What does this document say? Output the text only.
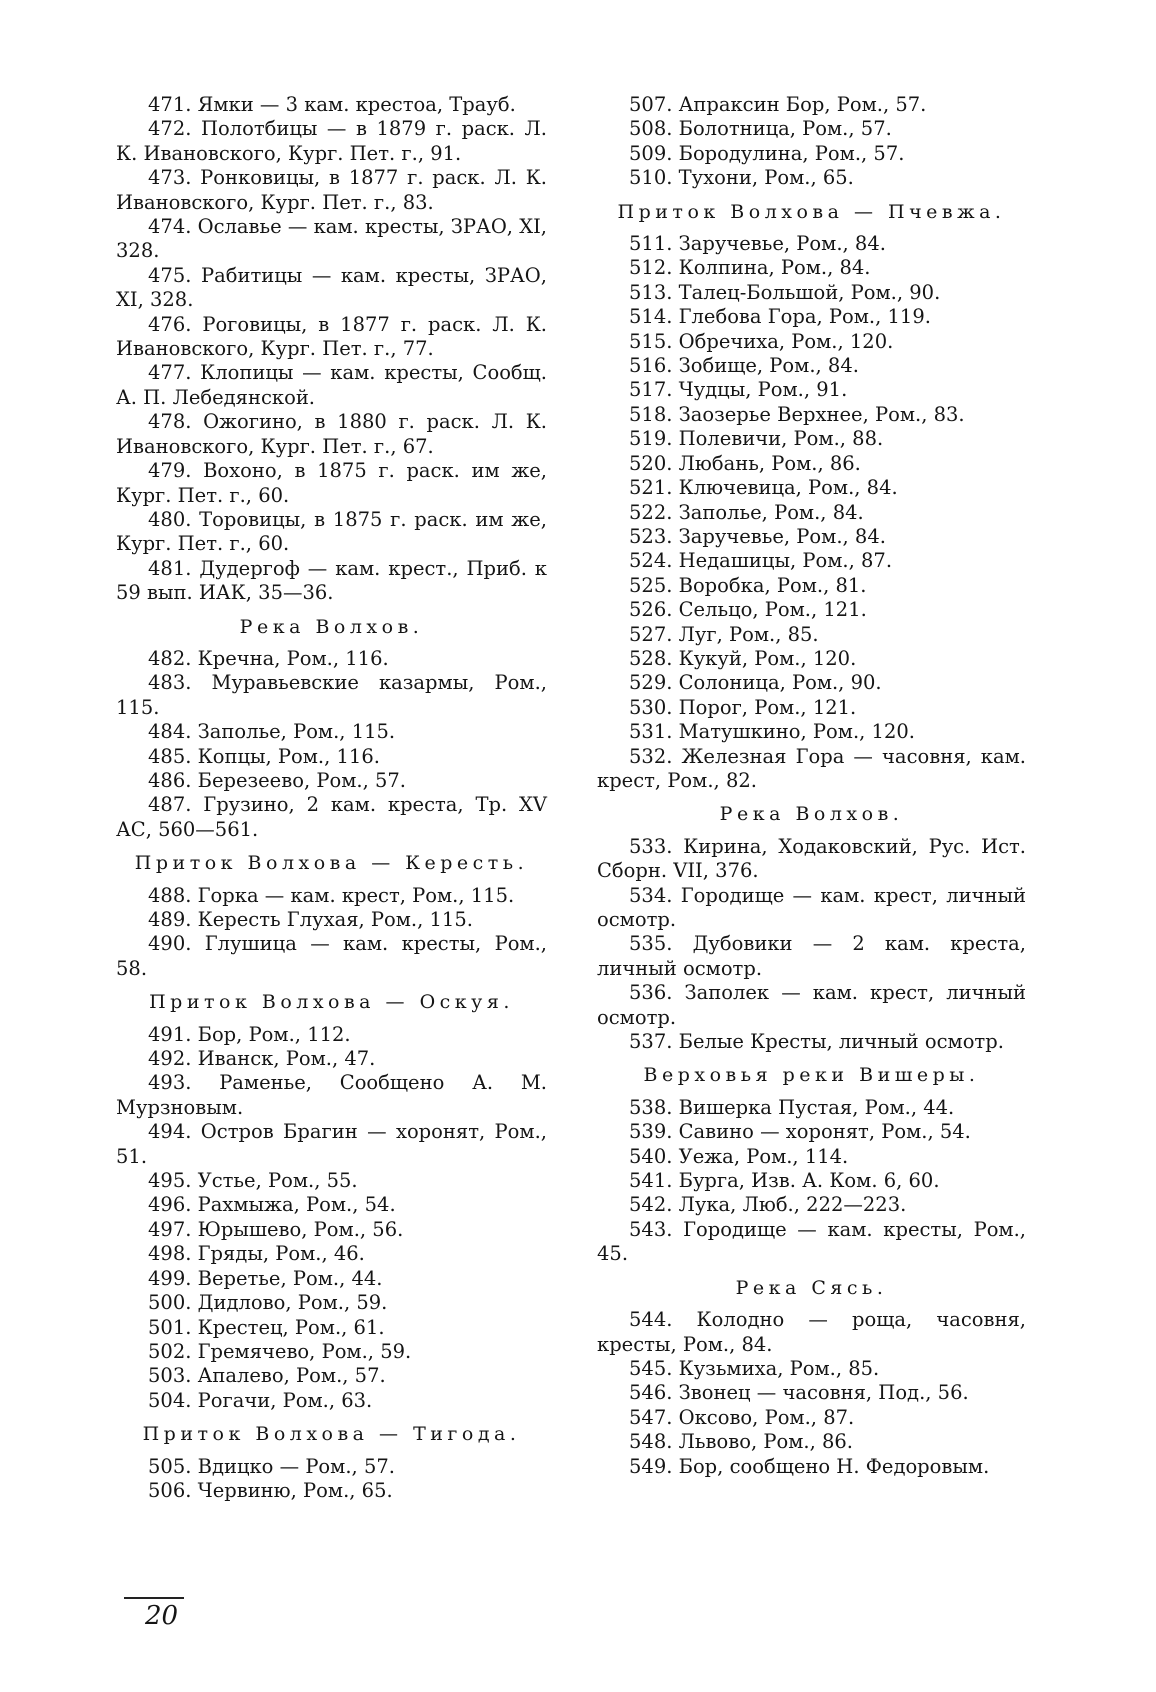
471. Ямки — 3 кам. крестоа, Трауб.

472. Полотбицы — в 1879 г. раск. Л. К. Ивановского, Кург. Пет. г., 91.

473. Ронковицы, в 1877 г. раск. Л. К. Ивановского, Кург. Пет. г., 83.

474. Ославье — кам. кресты, ЗРАО, XI, 328.

475. Рабитицы — кам. кресты, ЗРАО, XI, 328.

476. Роговицы, в 1877 г. раск. Л. К. Ивановского, Кург. Пет. г., 77.

477. Клопицы — кам. кресты, Сообщ. А. П. Лебедянской.

478. Ожогино, в 1880 г. раск. Л. К. Ивановского, Кург. Пет. г., 67.

479. Вохоно, в 1875 г. раск. им же, Кург. Пет. г., 60.

480. Торовицы, в 1875 г. раск. им же, Кург. Пет. г., 60.

481. Дудергоф — кам. крест., Приб. к 59 вып. ИАК, 35—36.

Река Волхов.

482. Кречна, Ром., 116.

483. Муравьевские казармы, Ром., 115.

484. Заполье, Ром., 115.

485. Копцы, Ром., 116.

486. Березеево, Ром., 57.

487. Грузино, 2 кам. креста, Тр. XV АС, 560—561.

Приток Волхова — Кересть.

488. Горка — кам. крест, Ром., 115.

489. Кересть Глухая, Ром., 115.

490. Глушица — кам. кресты, Ром., 58.

Приток Волхова — Оскуя.

491. Бор, Ром., 112.

492. Иванск, Ром., 47.

493. Раменье, Сообщено А. М. Мурзновым.

494. Остров Брагин — хоронят, Ром., 51.

495. Устье, Ром., 55.

496. Рахмыжа, Ром., 54.

497. Юрышево, Ром., 56.

498. Гряды, Ром., 46.

499. Веретье, Ром., 44.

500. Дидлово, Ром., 59.

501. Крестец, Ром., 61.

502. Гремячево, Ром., 59.

503. Апалево, Ром., 57.

504. Рогачи, Ром., 63.

Приток Волхова — Тигода.

505. Вдицко — Ром., 57.

506. Червиню, Ром., 65.

507. Апраксин Бор, Ром., 57.

508. Болотница, Ром., 57.

509. Бородулина, Ром., 57.

510. Тухони, Ром., 65.

Приток Волхова — Пчевжа.

511. Заручевье, Ром., 84.

512. Колпина, Ром., 84.

513. Талец-Большой, Ром., 90.

514. Глебова Гора, Ром., 119.

515. Обречиха, Ром., 120.

516. Зобище, Ром., 84.

517. Чудцы, Ром., 91.

518. Заозерье Верхнее, Ром., 83.

519. Полевичи, Ром., 88.

520. Любань, Ром., 86.

521. Ключевица, Ром., 84.

522. Заполье, Ром., 84.

523. Заручевье, Ром., 84.

524. Недашицы, Ром., 87.

525. Воробка, Ром., 81.

526. Сельцо, Ром., 121.

527. Луг, Ром., 85.

528. Кукуй, Ром., 120.

529. Солоница, Ром., 90.

530. Порог, Ром., 121.

531. Матушкино, Ром., 120.

532. Железная Гора — часовня, кам. крест, Ром., 82.

Река Волхов.

533. Кирина, Ходаковский, Рус. Ист. Сборн. VII, 376.

534. Городище — кам. крест, личный осмотр.

535. Дубовики — 2 кам. креста, личный осмотр.

536. Заполек — кам. крест, личный осмотр.

537. Белые Кресты, личный осмотр.

Верховья реки Вишеры.

538. Вишерка Пустая, Ром., 44.

539. Савино — хоронят, Ром., 54.

540. Уежа, Ром., 114.

541. Бурга, Изв. А. Ком. 6, 60.

542. Лука, Люб., 222—223.

543. Городище — кам. кресты, Ром., 45.

Река Сясь.

544. Колодно — роща, часовня, кресты, Ром., 84.

545. Кузьмиха, Ром., 85.

546. Звонец — часовня, Под., 56.

547. Оксово, Ром., 87.

548. Львово, Ром., 86.

549. Бор, сообщено Н. Федоровым.

20
